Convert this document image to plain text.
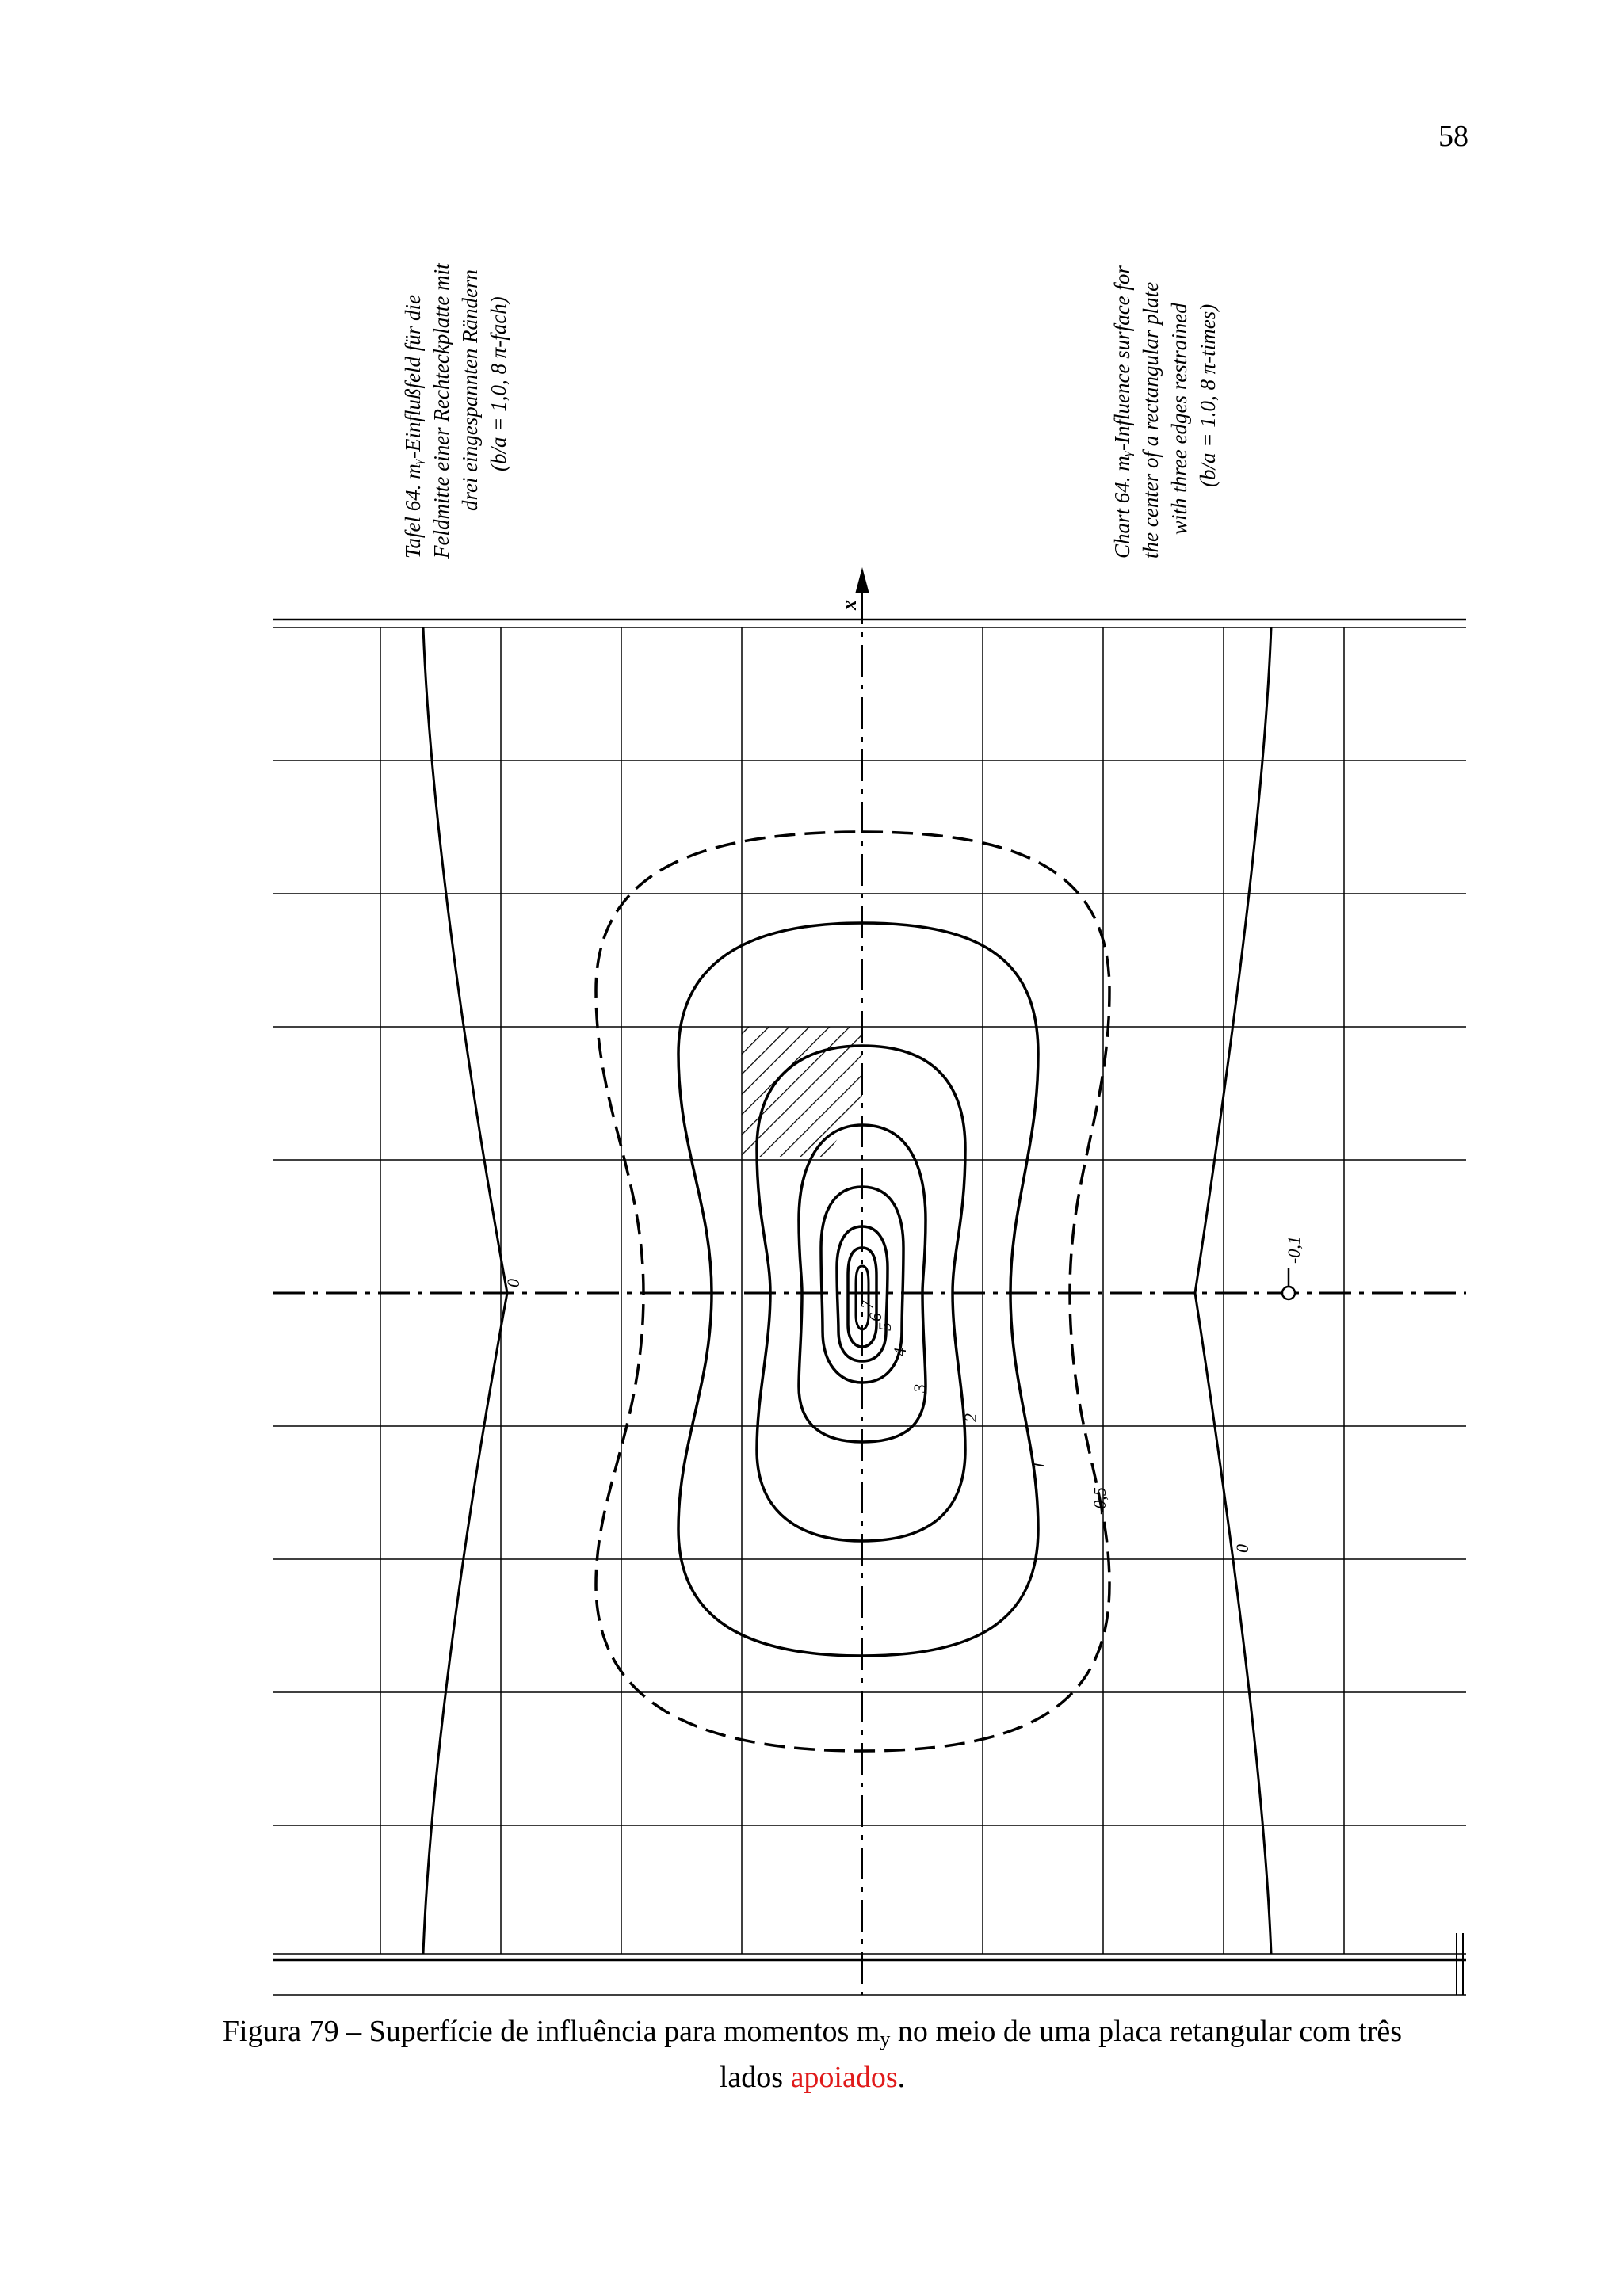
58
x
0
0
-0,1
-0,5
1
2
3
4
5
6
7
Tafel 64. mᵧ-Einflußfeld für die Feldmitte einer Rechteckplatte mit drei eingespannten Rändern (b/a = 1,0, 8 π-fach)	Chart 64. mᵧ-Influence surface for the center of a rectangular plate with three edges restrained (b/a = 1.0, 8 π-times)
Figura 79 – Superfície de influência para momentos $m_y$ no meio de uma placa retangular com três
lados apoiados.
